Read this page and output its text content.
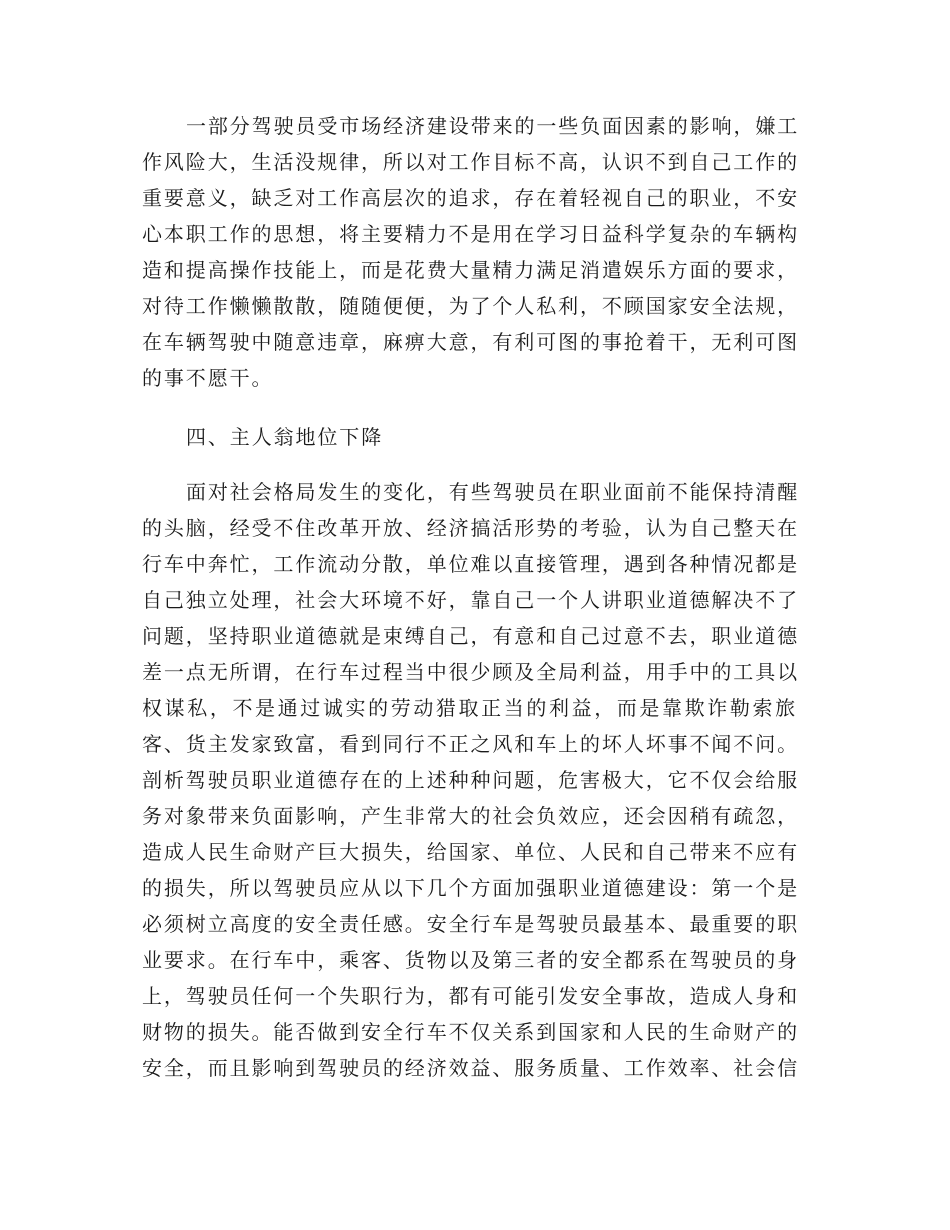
一部分驾驶员受市场经济建设带来的一些负面因素的影响，嫌工
作风险大，生活没规律，所以对工作目标不高，认识不到自己工作的
重要意义，缺乏对工作高层次的追求，存在着轻视自己的职业，不安
心本职工作的思想，将主要精力不是用在学习日益科学复杂的车辆构
造和提高操作技能上，而是花费大量精力满足消遣娱乐方面的要求，
对待工作懒懒散散，随随便便，为了个人私利，不顾国家安全法规，
在车辆驾驶中随意违章，麻痹大意，有利可图的事抢着干，无利可图
的事不愿干。
四、主人翁地位下降
面对社会格局发生的变化，有些驾驶员在职业面前不能保持清醒
的头脑，经受不住改革开放、经济搞活形势的考验，认为自己整天在
行车中奔忙，工作流动分散，单位难以直接管理，遇到各种情况都是
自己独立处理，社会大环境不好，靠自己一个人讲职业道德解决不了
问题，坚持职业道德就是束缚自己，有意和自己过意不去，职业道德
差一点无所谓，在行车过程当中很少顾及全局利益，用手中的工具以
权谋私，不是通过诚实的劳动猎取正当的利益，而是靠欺诈勒索旅
客、货主发家致富，看到同行不正之风和车上的坏人坏事不闻不问。
剖析驾驶员职业道德存在的上述种种问题，危害极大，它不仅会给服
务对象带来负面影响，产生非常大的社会负效应，还会因稍有疏忽，
造成人民生命财产巨大损失，给国家、单位、人民和自己带来不应有
的损失，所以驾驶员应从以下几个方面加强职业道德建设：第一个是
必须树立高度的安全责任感。安全行车是驾驶员最基本、最重要的职
业要求。在行车中，乘客、货物以及第三者的安全都系在驾驶员的身
上，驾驶员任何一个失职行为，都有可能引发安全事故，造成人身和
财物的损失。能否做到安全行车不仅关系到国家和人民的生命财产的
安全，而且影响到驾驶员的经济效益、服务质量、工作效率、社会信
